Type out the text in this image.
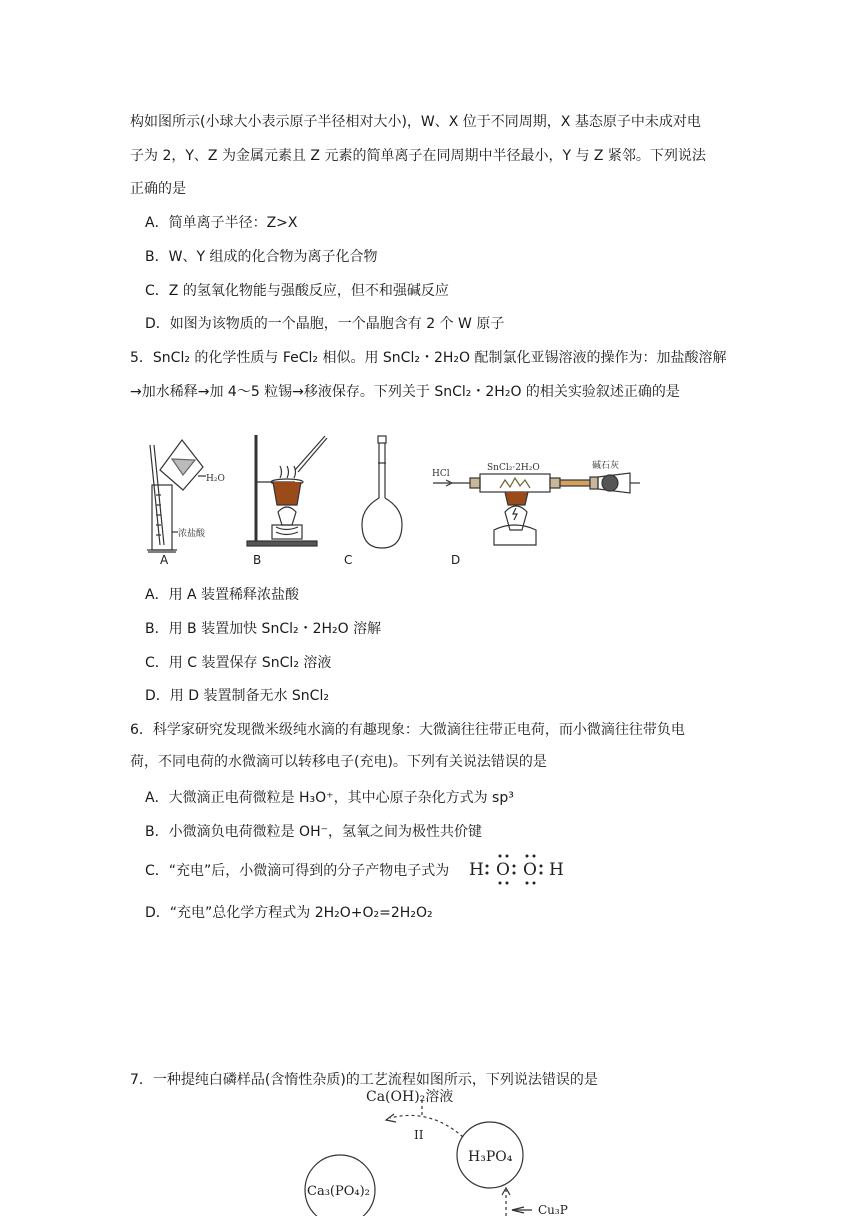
构如图所示(小球大小表示原子半径相对大小)，W、X 位于不同周期，X 基态原子中未成对电
子为 2，Y、Z 为金属元素且 Z 元素的简单离子在同周期中半径最小，Y 与 Z 紧邻。下列说法
正确的是
A．简单离子半径：Z>X
B．W、Y 组成的化合物为离子化合物
C．Z 的氢氧化物能与强酸反应，但不和强碱反应
D．如图为该物质的一个晶胞，一个晶胞含有 2 个 W 原子
5．SnCl₂ 的化学性质与 FeCl₂ 相似。用 SnCl₂・2H₂O 配制氯化亚锡溶液的操作为：加盐酸溶解
→加水稀释→加 4～5 粒锡→移液保存。下列关于 SnCl₂・2H₂O 的相关实验叙述正确的是
H₂O
浓盐酸
HCl
SnCl₂·2H₂O	碱石灰
H O O H
Ca(OH)₂溶液
II
H₃PO₄
Ca₃(PO₄)₂
Cu₃P
A	B	C	D
A．用 A 装置稀释浓盐酸
B．用 B 装置加快 SnCl₂・2H₂O 溶解
C．用 C 装置保存 SnCl₂ 溶液
D．用 D 装置制备无水 SnCl₂
6．科学家研究发现微米级纯水滴的有趣现象：大微滴往往带正电荷，而小微滴往往带负电
荷，不同电荷的水微滴可以转移电子(充电)。下列有关说法错误的是
A．大微滴正电荷微粒是 H₃O⁺，其中心原子杂化方式为 sp³
B．小微滴负电荷微粒是 OH⁻，氢氧之间为极性共价键
C．“充电”后，小微滴可得到的分子产物电子式为
D．“充电”总化学方程式为 2H₂O+O₂=2H₂O₂
7．一种提纯白磷样品(含惰性杂质)的工艺流程如图所示，下列说法错误的是
